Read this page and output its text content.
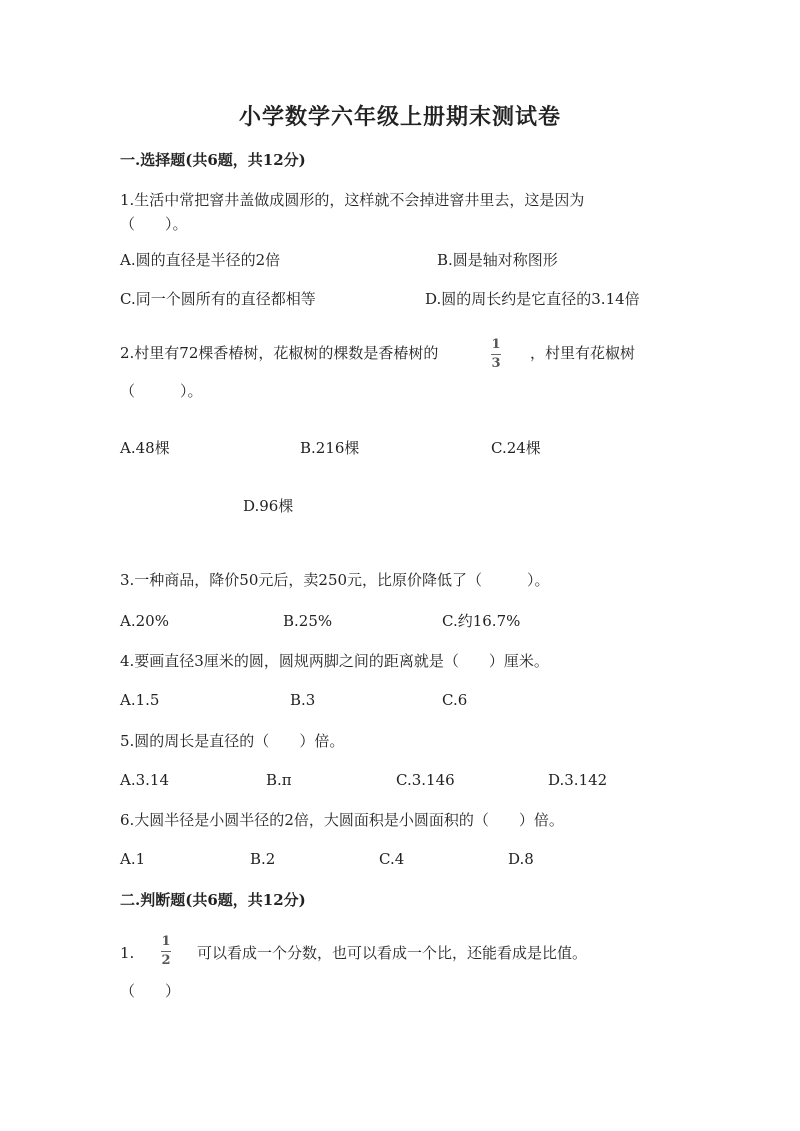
小学数学六年级上册期末测试卷
一.选择题(共6题，共12分)
1.生活中常把窨井盖做成圆形的，这样就不会掉进窨井里去，这是因为
（　　）。
A.圆的直径是半径的2倍	B.圆是轴对称图形
C.同一个圆所有的直径都相等	D.圆的周长约是它直径的3.14倍
2.村里有72棵香椿树，花椒树的棵数是香椿树的	1
3
，村里有花椒树
（　　　）。
A.48棵	B.216棵	C.24棵
D.96棵
3.一种商品，降价50元后，卖250元，比原价降低了（　　　）。
A.20%	B.25%	C.约16.7%
4.要画直径3厘米的圆，圆规两脚之间的距离就是（　　）厘米。
A.1.5	B.3	C.6
5.圆的周长是直径的（　　）倍。
A.3.14	B.π	C.3.146	D.3.142
6.大圆半径是小圆半径的2倍，大圆面积是小圆面积的（　　）倍。
A.1	B.2	C.4	D.8
二.判断题(共6题，共12分)
1.
1
2 可以看成一个分数，也可以看成一个比，还能看成是比值。
（　　）
